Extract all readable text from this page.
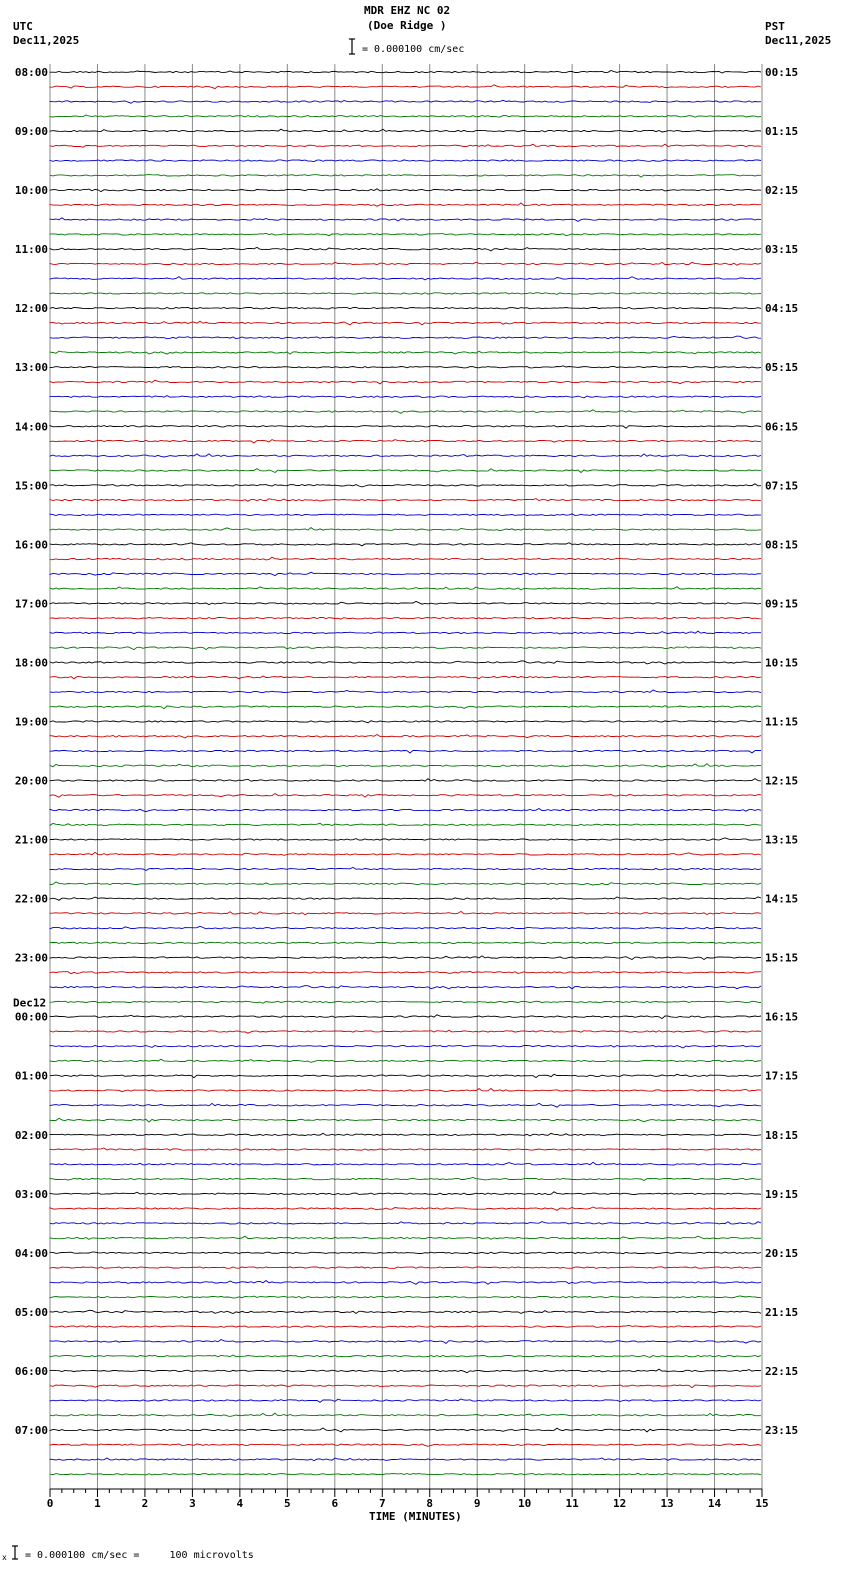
MDR EHZ NC 02
(Doe Ridge )
UTC
Dec11,2025
PST
Dec11,2025
= 0.000100 cm/sec
08:00	00:15
09:00	01:15
10:00	02:15
11:00	03:15
12:00	04:15
13:00	05:15
14:00	06:15
15:00	07:15
16:00	08:15
17:00	09:15
18:00	10:15
19:00	11:15
20:00	12:15
21:00	13:15
22:00	14:15
23:00	15:15
00:00	16:15
01:00	17:15
02:00	18:15
03:00	19:15
04:00	20:15
05:00	21:15
06:00	22:15
07:00	23:15
Dec12
0	1	2	3	4	5	6	7	8	9	10	11	12	13	14	15
TIME (MINUTES)
x = 0.000100 cm/sec =     100 microvolts
